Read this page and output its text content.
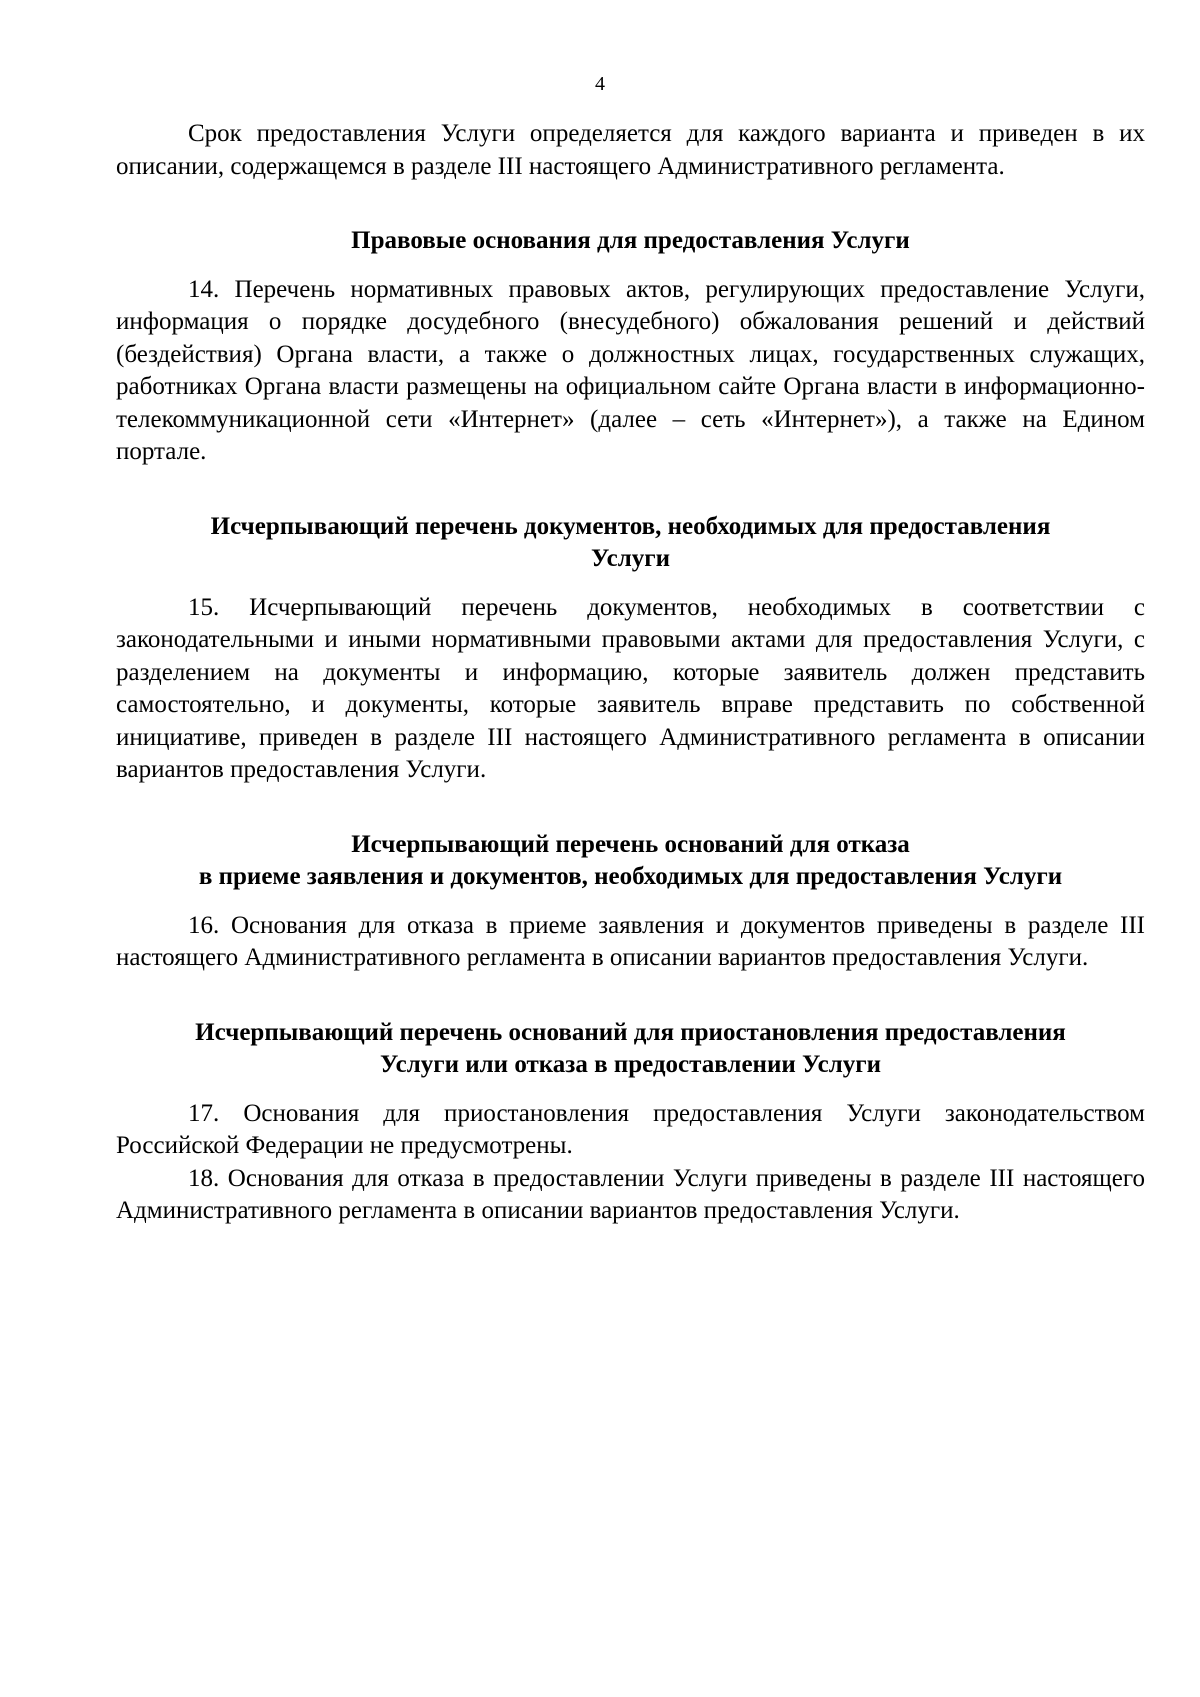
4

Срок предоставления Услуги определяется для каждого варианта и приведен в их описании, содержащемся в разделе III настоящего Административного регламента.

Правовые основания для предоставления Услуги

14. Перечень нормативных правовых актов, регулирующих предоставление Услуги, информация о порядке досудебного (внесудебного) обжалования решений и действий (бездействия) Органа власти, а также о должностных лицах, государственных служащих, работниках Органа власти размещены на официальном сайте Органа власти в информационно-телекоммуникационной сети «Интернет» (далее – сеть «Интернет»), а также на Едином портале.

Исчерпывающий перечень документов, необходимых для предоставления
Услуги

15. Исчерпывающий перечень документов, необходимых в соответствии с законодательными и иными нормативными правовыми актами для предоставления Услуги, с разделением на документы и информацию, которые заявитель должен представить самостоятельно, и документы, которые заявитель вправе представить по собственной инициативе, приведен в разделе III настоящего Административного регламента в описании вариантов предоставления Услуги.

Исчерпывающий перечень оснований для отказа
в приеме заявления и документов, необходимых для предоставления Услуги

16. Основания для отказа в приеме заявления и документов приведены в разделе III настоящего Административного регламента в описании вариантов предоставления Услуги.

Исчерпывающий перечень оснований для приостановления предоставления
Услуги или отказа в предоставлении Услуги

17. Основания для приостановления предоставления Услуги законодательством Российской Федерации не предусмотрены.

18. Основания для отказа в предоставлении Услуги приведены в разделе III настоящего Административного регламента в описании вариантов предоставления Услуги.
